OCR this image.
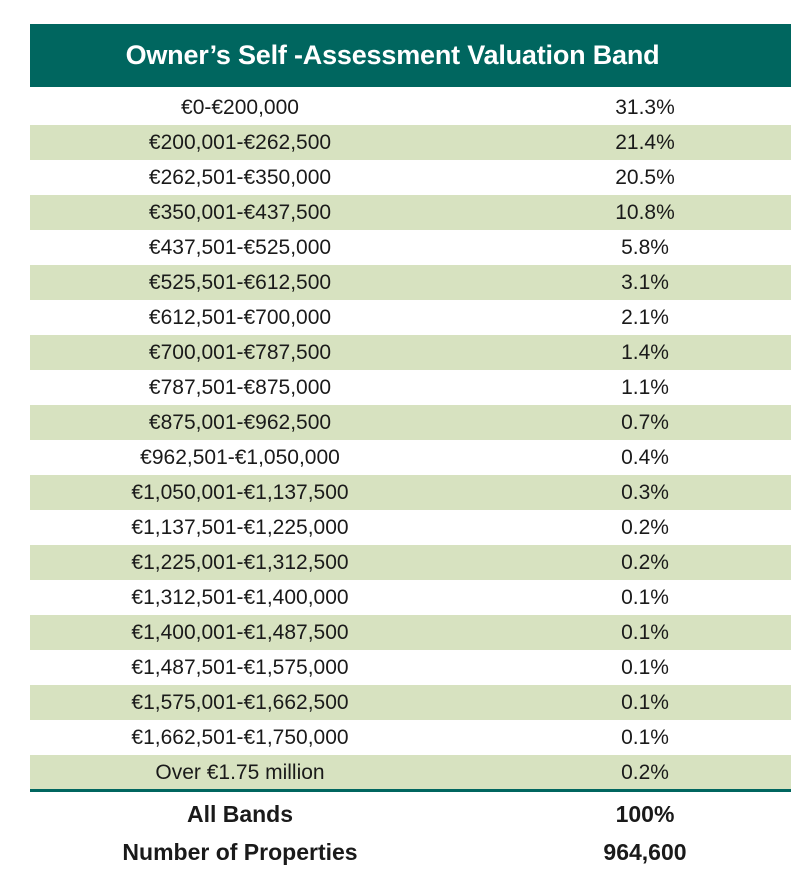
Owner’s Self -Assessment Valuation Band
€0-€200,000	31.3%
€200,001-€262,500	21.4%
€262,501-€350,000	20.5%
€350,001-€437,500	10.8%
€437,501-€525,000	5.8%
€525,501-€612,500	3.1%
€612,501-€700,000	2.1%
€700,001-€787,500	1.4%
€787,501-€875,000	1.1%
€875,001-€962,500	0.7%
€962,501-€1,050,000	0.4%
€1,050,001-€1,137,500	0.3%
€1,137,501-€1,225,000	0.2%
€1,225,001-€1,312,500	0.2%
€1,312,501-€1,400,000	0.1%
€1,400,001-€1,487,500	0.1%
€1,487,501-€1,575,000	0.1%
€1,575,001-€1,662,500	0.1%
€1,662,501-€1,750,000	0.1%
Over €1.75 million	0.2%
All Bands	100%
Number of Properties	964,600
